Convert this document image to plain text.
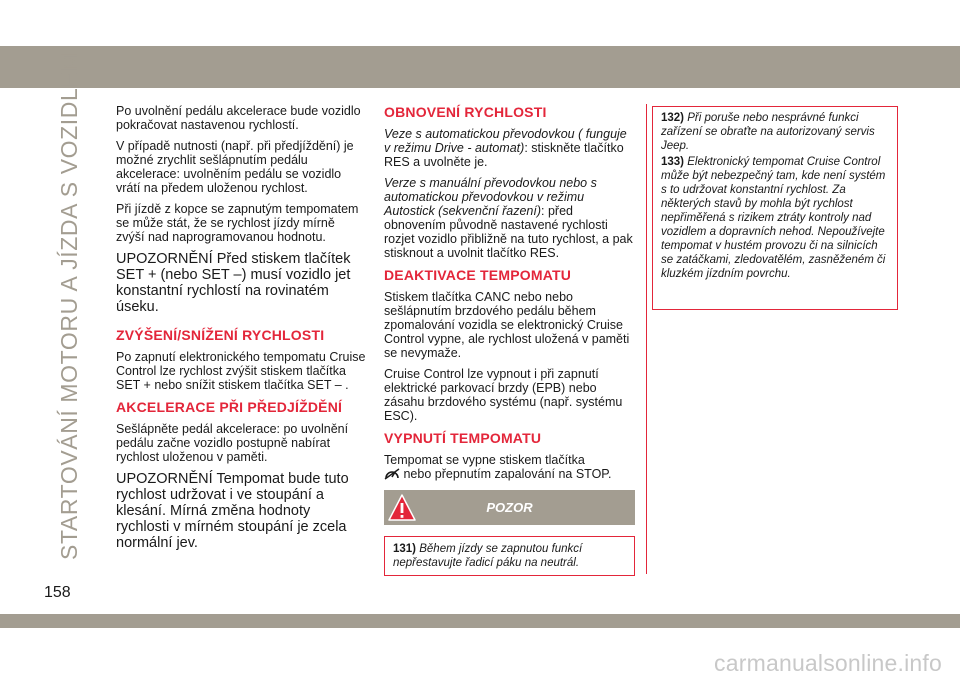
STARTOVÁNÍ MOTORU A JÍZDA S VOZIDLEM	Po uvolnění pedálu akcelerace bude vozidlo pokračovat nastavenou rychlostí.

V případě nutnosti (např. při předjíždění) je možné zrychlit sešlápnutím pedálu akcelerace: uvolněním pedálu se vozidlo vrátí na předem uloženou rychlost.

Při jízdě z kopce se zapnutým tempomatem se může stát, že se rychlost jízdy mírně zvýší nad naprogramovanou hodnotu.

UPOZORNĚNÍ Před stiskem tlačítek SET + (nebo SET –) musí vozidlo jet konstantní rychlostí na rovinatém úseku.

ZVÝŠENÍ/SNÍŽENÍ RYCHLOSTI

Po zapnutí elektronického tempomatu Cruise Control lze rychlost zvýšit stiskem tlačítka SET + nebo snížit stiskem tlačítka SET – .

AKCELERACE PŘI PŘEDJÍŽDĚNÍ

Sešlápněte pedál akcelerace: po uvolnění pedálu začne vozidlo postupně nabírat rychlost uloženou v paměti.

UPOZORNĚNÍ Tempomat bude tuto rychlost udržovat i ve stoupání a klesání. Mírná změna hodnoty rychlosti v mírném stoupání je zcela normální jev.

OBNOVENÍ RYCHLOSTI

Veze s automatickou převodovkou ( funguje v režimu Drive - automat): stiskněte tlačítko RES a uvolněte je.

Verze s manuální převodovkou nebo s automatickou převodovkou v režimu Autostick (sekvenční řazení): před obnovením původně nastavené rychlosti rozjet vozidlo přibližně na tuto rychlost, a pak stisknout a uvolnit tlačítko RES.

DEAKTIVACE TEMPOMATU

Stiskem tlačítka CANC nebo nebo sešlápnutím brzdového pedálu během zpomalování vozidla se elektronický Cruise Control vypne, ale rychlost uložená v paměti se nevymaže.

Cruise Control lze vypnout i při zapnutí elektrické parkovací brzdy (EPB) nebo zásahu brzdového systému (např. systému ESC).

VYPNUTÍ TEMPOMATU

Tempomat se vypne stiskem tlačítka
nebo přepnutím zapalování na STOP.

132) Při poruše nebo nesprávné funkci zařízení se obraťte na autorizovaný servis Jeep.

133) Elektronický tempomat Cruise Control může být nebezpečný tam, kde není systém s to udržovat konstantní rychlost. Za některých stavů by mohla být rychlost nepřiměřená s rizikem ztráty kontroly nad vozidlem a dopravních nehod. Nepoužívejte tempomat v hustém provozu či na silnicích se zatáčkami, zledovatělém, zasněženém či kluzkém jízdním povrchu.

POZOR
131) Během jízdy se zapnutou funkcí nepřestavujte řadicí páku na neutrál.
158
carmanualsonline.info
